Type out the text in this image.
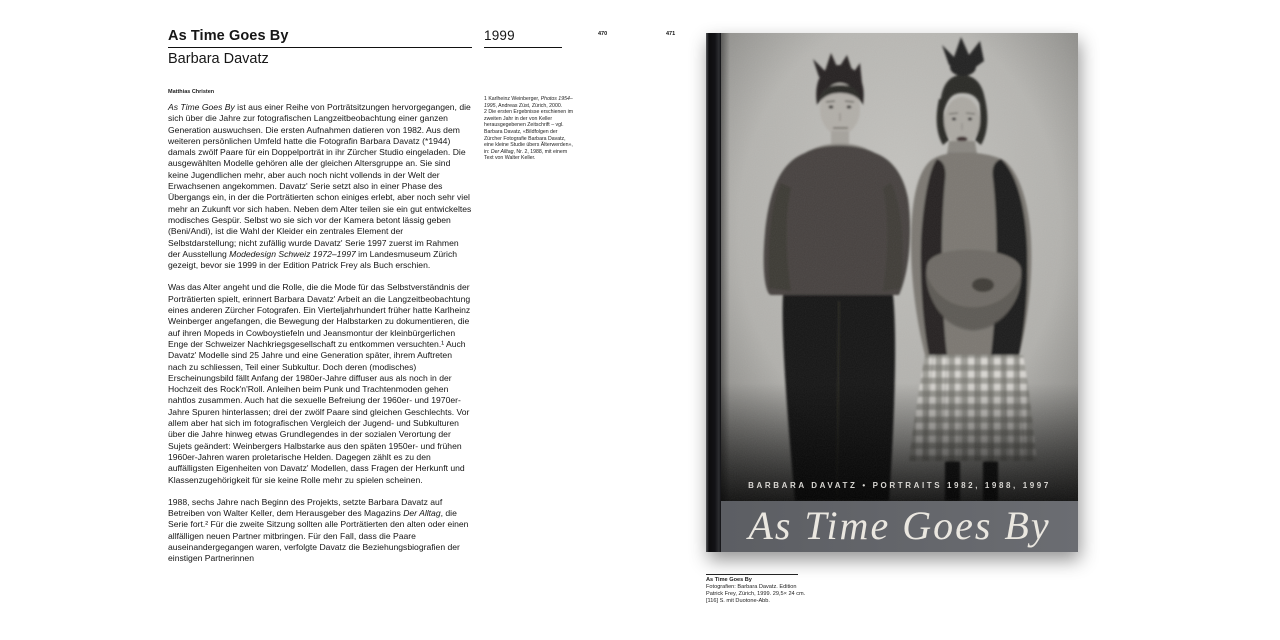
As Time Goes By
Barbara Davatz
Matthias Christen

As Time Goes By ist aus einer Reihe von Porträtsitzungen hervorgegangen, die sich über die Jahre zur fotografischen Langzeitbeobachtung einer ganzen Generation auswuchsen. Die ersten Aufnahmen datieren von 1982. Aus dem weiteren persönlichen Umfeld hatte die Fotografin Barbara Davatz (*1944) damals zwölf Paare für ein Doppelporträt in ihr Zürcher Studio eingeladen. Die ausgewählten Modelle gehören alle der gleichen Altersgruppe an. Sie sind keine Jugendlichen mehr, aber auch noch nicht vollends in der Welt der Erwachsenen angekommen. Davatz' Serie setzt also in einer Phase des Übergangs ein, in der die Porträtierten schon einiges erlebt, aber noch sehr viel mehr an Zukunft vor sich haben. Neben dem Alter teilen sie ein gut entwickeltes modisches Gespür. Selbst wo sie sich vor der Kamera betont lässig geben (Beni/Andi), ist die Wahl der Kleider ein zentrales Element der Selbstdarstellung; nicht zufällig wurde Davatz' Serie 1997 zuerst im Rahmen der Ausstellung Modedesign Schweiz 1972–1997 im Landesmuseum Zürich gezeigt, bevor sie 1999 in der Edition Patrick Frey als Buch erschien.

Was das Alter angeht und die Rolle, die die Mode für das Selbstverständnis der Porträtierten spielt, erinnert Barbara Davatz' Arbeit an die Langzeitbeobachtung eines anderen Zürcher Fotografen. Ein Vierteljahrhundert früher hatte Karlheinz Weinberger angefangen, die Bewegung der Halbstarken zu dokumentieren, die auf ihren Mopeds in Cowboystiefeln und Jeansmontur der kleinbürgerlichen Enge der Schweizer Nachkriegsgesellschaft zu entkommen versuchten.¹ Auch Davatz' Modelle sind 25 Jahre und eine Generation später, ihrem Auftreten nach zu schliessen, Teil einer Subkultur. Doch deren (modisches) Erscheinungsbild fällt Anfang der 1980er-Jahre diffuser aus als noch in der Hochzeit des Rock'n'Roll. Anleihen beim Punk und Trachtenmoden gehen nahtlos zusammen. Auch hat die sexuelle Befreiung der 1960er- und 1970er-Jahre Spuren hinterlassen; drei der zwölf Paare sind gleichen Geschlechts. Vor allem aber hat sich im fotografischen Vergleich der Jugend- und Subkulturen über die Jahre hinweg etwas Grundlegendes in der sozialen Verortung der Sujets geändert: Weinbergers Halbstarke aus den späten 1950er- und frühen 1960er-Jahren waren proletarische Helden. Dagegen zählt es zu den auffälligsten Eigenheiten von Davatz' Modellen, dass Fragen der Herkunft und Klassenzugehörigkeit für sie keine Rolle mehr zu spielen scheinen.

1988, sechs Jahre nach Beginn des Projekts, setzte Barbara Davatz auf Betreiben von Walter Keller, dem Herausgeber des Magazins Der Alltag, die Serie fort.² Für die zweite Sitzung sollten alle Porträtierten den alten oder einen allfälligen neuen Partner mitbringen. Für den Fall, dass die Paare auseinandergegangen waren, verfolgte Davatz die Beziehungsbiografien der einstigen Partnerinnen

1999

1 Karlheinz Weinberger, Photos 1954–1995, Andreas Züst, Zürich, 2000.

2 Die ersten Ergebnisse erschienen im zweiten Jahr in der von Keller herausgegebenen Zeitschrift – vgl. Barbara Davatz, «Bildfolgen der Zürcher Fotografie Barbara Davatz, eine kleine Studie übers Älterwerden», in: Der Alltag, Nr. 2, 1988, mit einem Text von Walter Keller.

470	471
BARBARA DAVATZ • PORTRAITS 1982, 1988, 1997
As Time Goes By
As Time Goes By
Fotografien: Barbara Davatz. Edition
Patrick Frey, Zürich, 1999. 29,5× 24 cm.
[116] S. mit Duotone-Abb.
